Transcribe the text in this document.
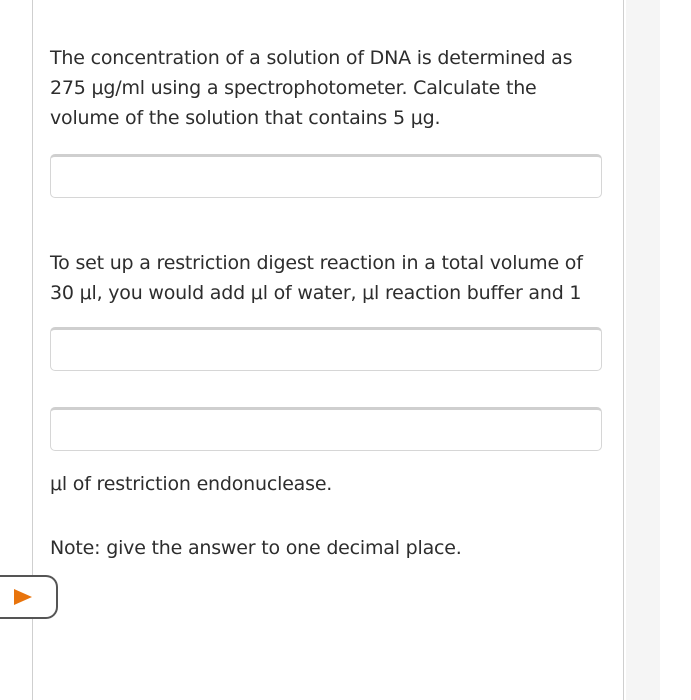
The concentration of a solution of DNA is determined as
275 μg/ml using a spectrophotometer. Calculate the
volume of the solution that contains 5 μg.

To set up a restriction digest reaction in a total volume of
30 μl, you would add μl of water, μl reaction buffer and 1

μl of restriction endonuclease.

Note: give the answer to one decimal place.
